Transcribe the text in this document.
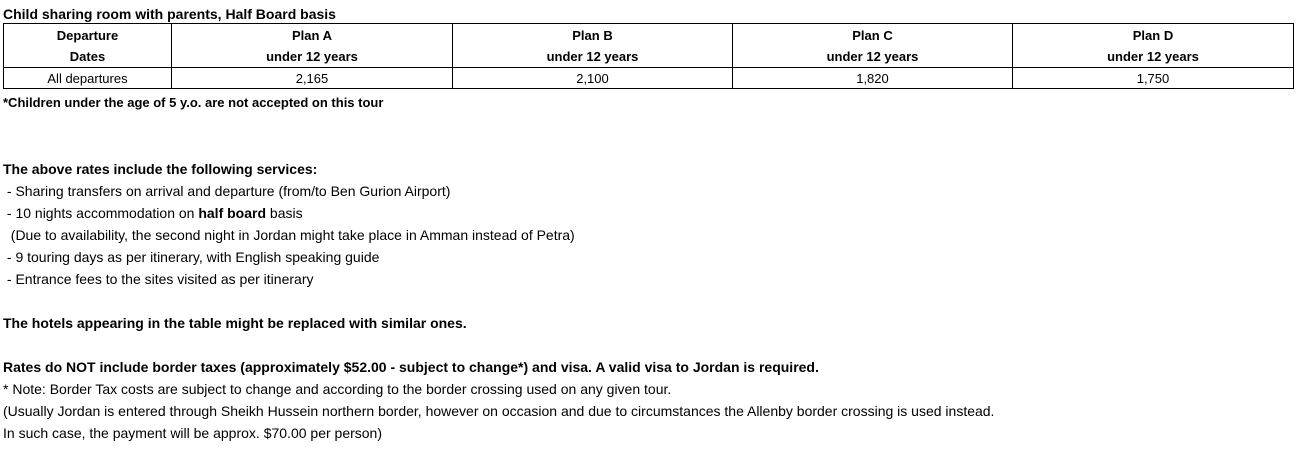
Child sharing room with parents, Half Board basis
Departure	Plan A	Plan B	Plan C	Plan D
Dates	under 12 years	under 12 years	under 12 years	under 12 years
All departures	2,165	2,100	1,820	1,750
*Children under the age of 5 y.o. are not accepted on this tour
The above rates include the following services:
- Sharing transfers on arrival and departure (from/to Ben Gurion Airport)
- 10 nights accommodation on half board basis
(Due to availability, the second night in Jordan might take place in Amman instead of Petra)
- 9 touring days as per itinerary, with English speaking guide
- Entrance fees to the sites visited as per itinerary
The hotels appearing in the table might be replaced with similar ones.
Rates do NOT include border taxes (approximately $52.00 - subject to change*) and visa. A valid visa to Jordan is required.
* Note: Border Tax costs are subject to change and according to the border crossing used on any given tour.
(Usually Jordan is entered through Sheikh Hussein northern border, however on occasion and due to circumstances the Allenby border crossing is used instead.
In such case, the payment will be approx. $70.00 per person)
